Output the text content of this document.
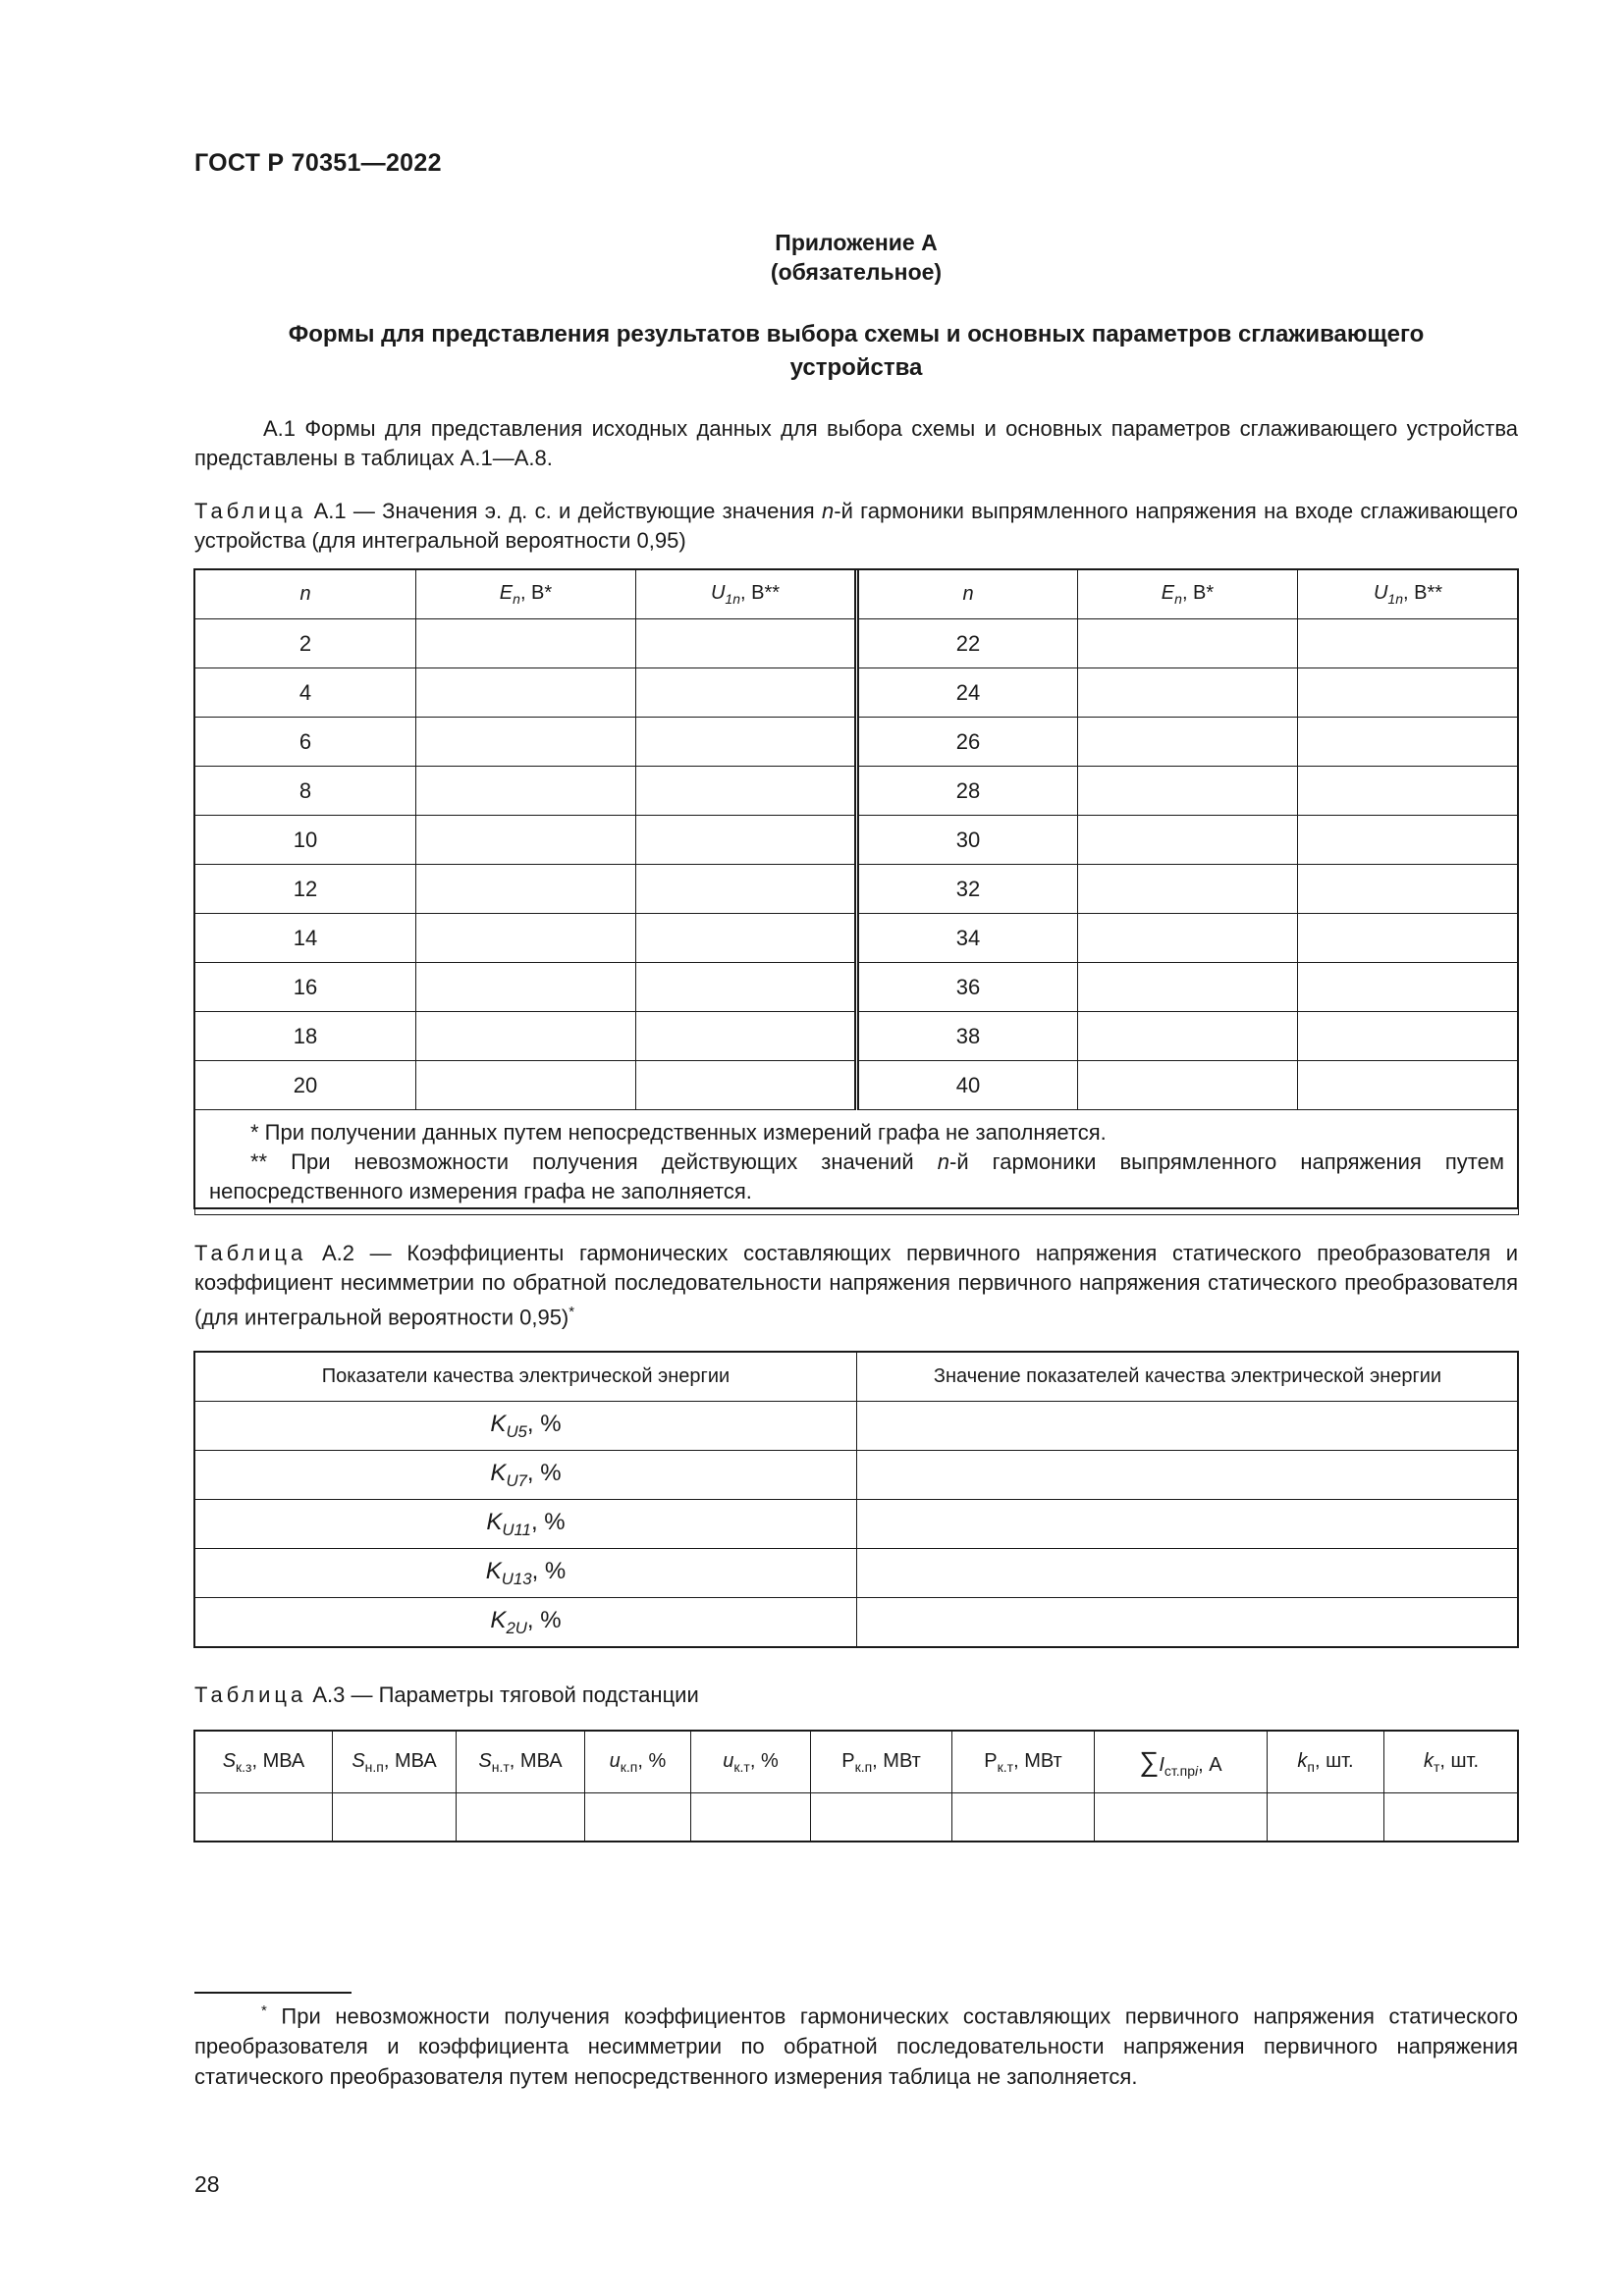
ГОСТ Р 70351—2022
Приложение А
(обязательное)
Формы для представления результатов выбора схемы и основных параметров сглаживающего
устройства
А.1 Формы для представления исходных данных для выбора схемы и основных параметров сглаживающего устройства представлены в таблицах А.1—А.8.
Таблица А.1 — Значения э. д. с. и действующие значения n-й гармоники выпрямленного напряжения на входе сглаживающего устройства (для интегральной вероятности 0,95)
n	$E_n$, В*	$U_{1n}$, В**	n	$E_n$, В*	$U_{1n}$, В**
2			22		
4			24		
6			26		
8			28		
10			30		
12			32		
14			34		
16			36		
18			38		
20			40		

* При получении данных путем непосредственных измерений графа не заполняется.
** При невозможности получения действующих значений n-й гармоники выпрямленного напряжения путем
непосредственного измерения графа не заполняется.					
Таблица А.2 — Коэффициенты гармонических составляющих первичного напряжения статического преобразователя и коэффициент несимметрии по обратной последовательности напряжения первичного напряжения статического преобразователя (для интегральной вероятности 0,95)*
Показатели качества электрической энергии	Значение показателей качества электрической энергии
$K_{U5}$, %	
$K_{U7}$, %	
$K_{U11}$, %	
$K_{U13}$, %	
$K_{2U}$, %	
Таблица А.3 — Параметры тяговой подстанции
$S_{к.з}$, МВА	$S_{н.п}$, МВА	$S_{н.т}$, МВА	$u_{к.п}$, %	$u_{к.т}$, %	$Р_{к.п}$, МВт	$Р_{к.т}$, МВт	$\sum I_{ст.прi}$, А	$k_п$, шт.	$k_т$, шт.

* При невозможности получения коэффициентов гармонических составляющих первичного напряжения статического преобразователя и коэффициента несимметрии по обратной последовательности напряжения первичного напряжения статического преобразователя путем непосредственного измерения таблица не заполняется.
28
